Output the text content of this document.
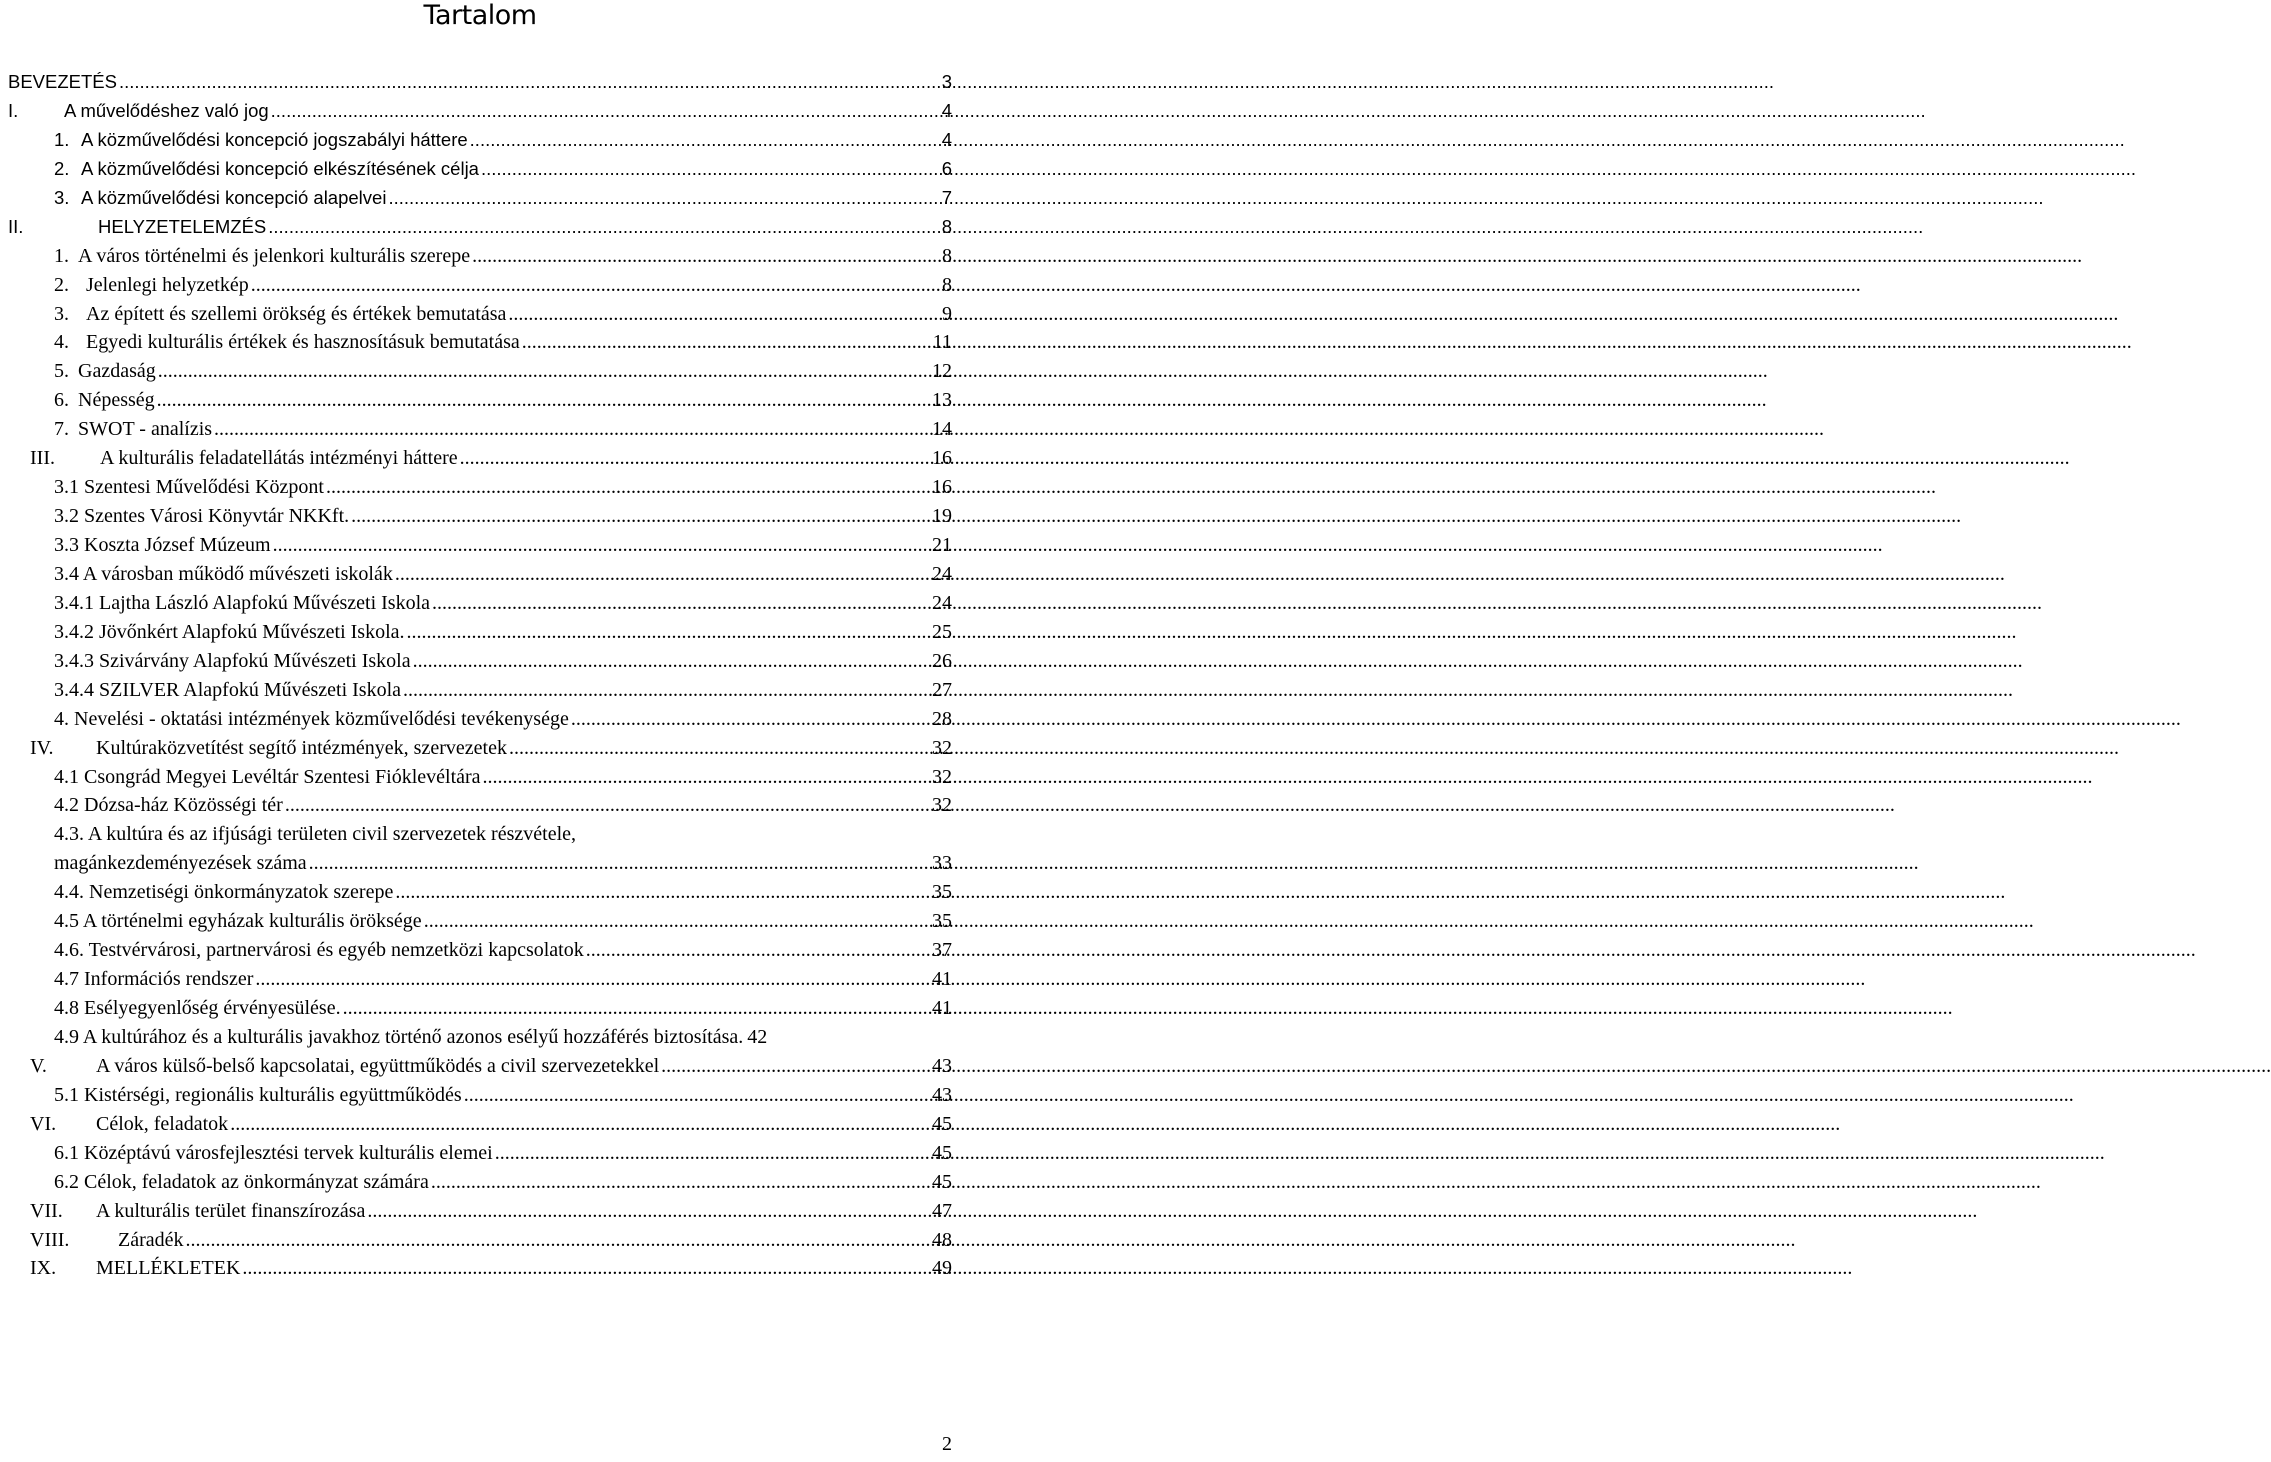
Tartalom
BEVEZETÉS .....	3
I. A művelődéshez való jog .....	4
1. A közművelődési koncepció jogszabályi háttere .....	4
2. A közművelődési koncepció elkészítésének célja .....	6
3. A közművelődési koncepció alapelvei .....	7
II.	HELYZETELEMZÉS .....	8
1. A város történelmi és jelenkori kulturális szerepe .....	8
2. Jelenlegi helyzetkép .....	8
3. Az épített és szellemi örökség és értékek bemutatása .....	9
4. Egyedi kulturális értékek és hasznosításuk bemutatása .....	11
5. Gazdaság .....	12
6. Népesség .....	13
7. SWOT - analízis .....	14
III. A kulturális feladatellátás intézményi háttere .....	16
3.1 Szentesi Művelődési Központ .....	16
3.2 Szentes Városi Könyvtár NKKft. .....	19
3.3 Koszta József Múzeum .....	21
3.4 A városban működő művészeti iskolák .....	24
3.4.1 Lajtha László Alapfokú Művészeti Iskola .....	24
3.4.2 Jövőnkért Alapfokú Művészeti Iskola. .....	25
3.4.3 Szivárvány Alapfokú Művészeti Iskola .....	26
3.4.4 SZILVER Alapfokú Művészeti Iskola .....	27
4. Nevelési - oktatási intézmények közművelődési tevékenysége .....	28
IV. Kultúraközvetítést segítő intézmények, szervezetek .....	32
4.1 Csongrád Megyei Levéltár Szentesi Fióklevéltára .....	32
4.2 Dózsa-ház Közösségi tér .....	32
4.3. A kultúra és az ifjúsági területen civil szervezetek részvétele,
magánkezdeményezések száma .....	33
4.4. Nemzetiségi önkormányzatok szerepe .....	35
4.5 A történelmi egyházak kulturális öröksége .....	35
4.6. Testvérvárosi, partnervárosi és egyéb nemzetközi kapcsolatok .....	37
4.7 Információs rendszer .....	41
4.8 Esélyegyenlőség érvényesülése. .....	41
4.9 A kultúrához és a kulturális javakhoz történő azonos esélyű hozzáférés biztosítása. 42
V. A város külső-belső kapcsolatai, együttműködés a civil szervezetekkel .....	43
5.1 Kistérségi, regionális kulturális együttműködés .....	43
VI. Célok, feladatok .....	45
6.1 Középtávú városfejlesztési tervek kulturális elemei .....	45
6.2 Célok, feladatok az önkormányzat számára .....	45
VII. A kulturális terület finanszírozása .....	47
VIII. Záradék .....	48
IX. MELLÉKLETEK .....	49
2
